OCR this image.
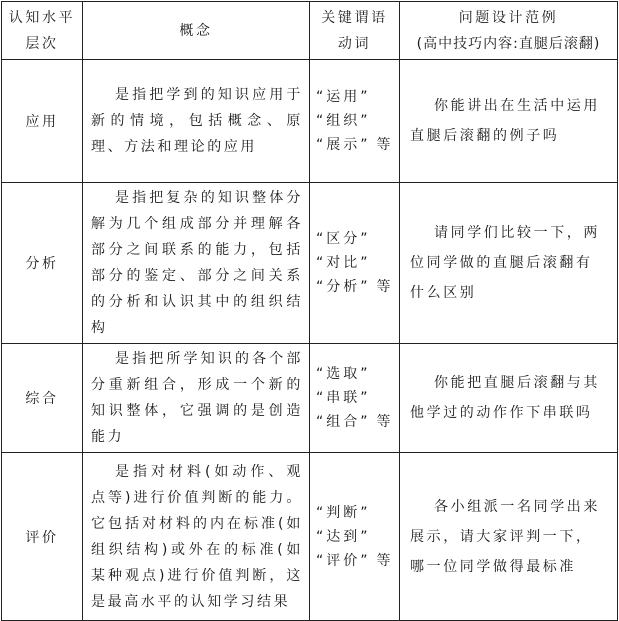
认知水平
层次	概念	关键谓语
动词	问题设计范例
(高中技巧内容:直腿后滚翻)

应用	是指把学到的知识应用于新的情境，包括概念、原理、方法和理论的应用	“运用”
“组织”
“展示” 等	你能讲出在生活中运用直腿后滚翻的例子吗
分析	是指把复杂的知识整体分解为几个组成部分并理解各部分之间联系的能力，包括部分的鉴定、部分之间关系的分析和认识其中的组织结构	“区分”
“对比”
“分析” 等	请同学们比较一下，两位同学做的直腿后滚翻有什么区别
综合	是指把所学知识的各个部分重新组合，形成一个新的知识整体，它强调的是创造能力	“选取”
“串联”
“组合” 等	你能把直腿后滚翻与其他学过的动作作下串联吗
评价	是指对材料(如动作、观点等)进行价值判断的能力。它包括对材料的内在标准(如组织结构)或外在的标准(如某种观点)进行价值判断，这是最高水平的认知学习结果	“判断”
“达到”
“评价” 等	各小组派一名同学出来展示，请大家评判一下，哪一位同学做得最标准
